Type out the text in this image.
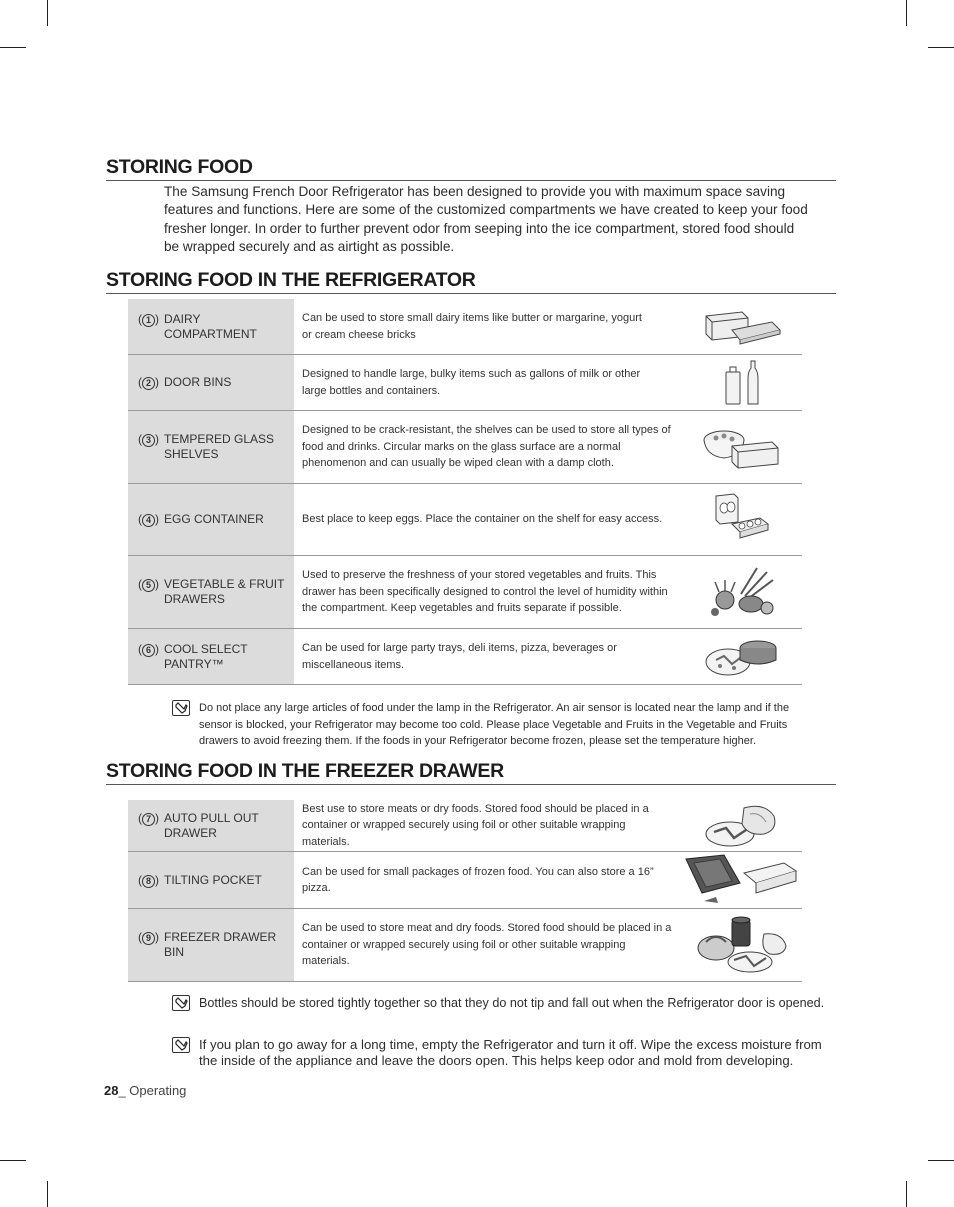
STORING FOOD
The Samsung French Door Refrigerator has been designed to provide you with maximum space saving features and functions. Here are some of the customized compartments we have created to keep your food fresher longer. In order to further prevent odor from seeping into the ice compartment, stored food should be wrapped securely and as airtight as possible.
STORING FOOD IN THE REFRIGERATOR
( 1 ) DAIRY COMPARTMENT
Can be used to store small dairy items like butter or margarine, yogurt or cream cheese bricks
( 2 ) DOOR BINS
Designed to handle large, bulky items such as gallons of milk or other large bottles and containers.
( 3 ) TEMPERED GLASS SHELVES
Designed to be crack-resistant, the shelves can be used to store all types of food and drinks. Circular marks on the glass surface are a normal phenomenon and can usually be wiped clean with a damp cloth.
( 4 ) EGG CONTAINER	Best place to keep eggs. Place the container on the shelf for easy access.
( 5 ) VEGETABLE & FRUIT DRAWERS
Used to preserve the freshness of your stored vegetables and fruits. This drawer has been specifically designed to control the level of humidity within the compartment. Keep vegetables and fruits separate if possible.
( 6 ) COOL SELECT PANTRY™
Can be used for large party trays, deli items, pizza, beverages or miscellaneous items.
Do not place any large articles of food under the lamp in the Refrigerator. An air sensor is located near the lamp and if the sensor is blocked, your Refrigerator may become too cold. Please place Vegetable and Fruits in the Vegetable and Fruits drawers to avoid freezing them. If the foods in your Refrigerator become frozen, please set the temperature higher.
STORING FOOD IN THE FREEZER DRAWER
( 7 ) AUTO PULL OUT DRAWER
Best use to store meats or dry foods. Stored food should be placed in a container or wrapped securely using foil or other suitable wrapping materials.
( 8 ) TILTING POCKET
Can be used for small packages of frozen food. You can also store a 16” pizza.
( 9 ) FREEZER DRAWER BIN
Can be used to store meat and dry foods. Stored food should be placed in a container or wrapped securely using foil or other suitable wrapping materials.
Bottles should be stored tightly together so that they do not tip and fall out when the Refrigerator door is opened.
If you plan to go away for a long time, empty the Refrigerator and turn it off. Wipe the excess moisture from the inside of the appliance and leave the doors open. This helps keep odor and mold from developing.
28_ Operating
